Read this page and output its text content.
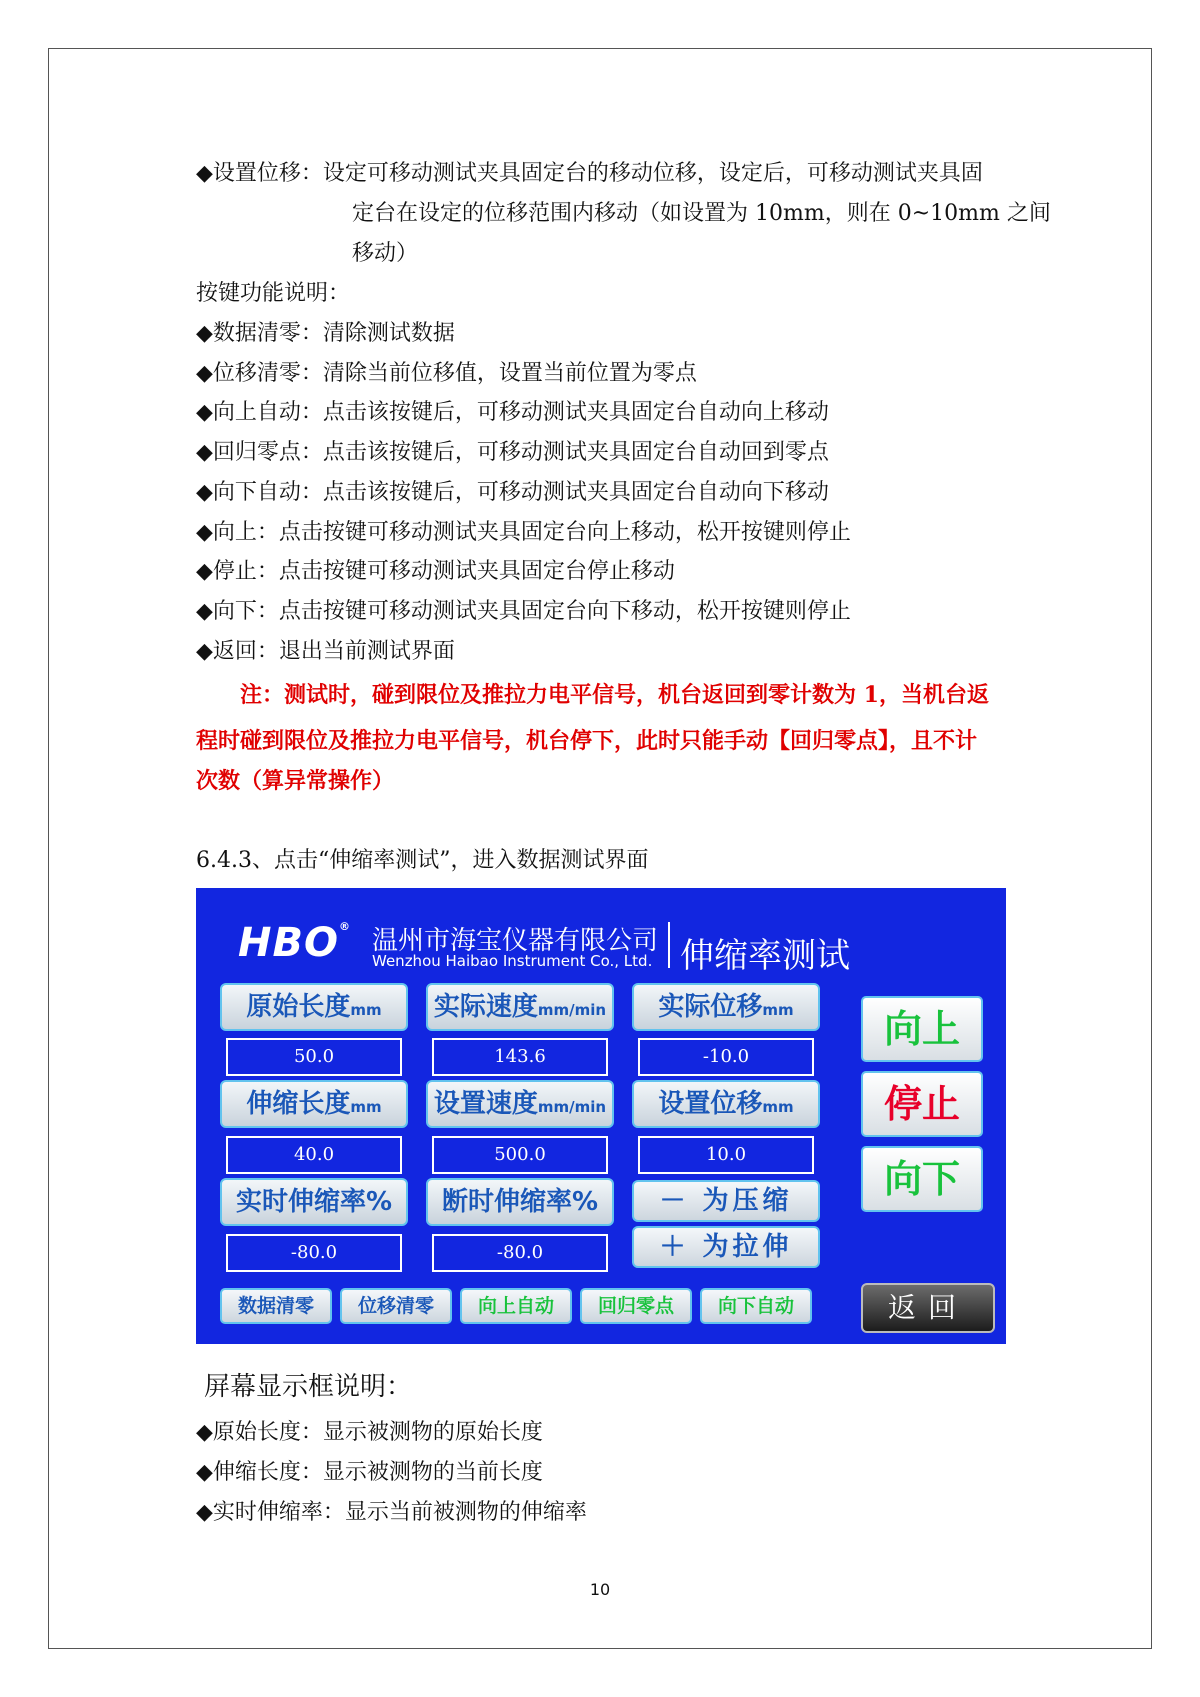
◆设置位移：设定可移动测试夹具固定台的移动位移，设定后，可移动测试夹具固
定台在设定的位移范围内移动（如设置为 10mm，则在 0~10mm 之间
移动）
按键功能说明：
◆数据清零：清除测试数据
◆位移清零：清除当前位移值，设置当前位置为零点
◆向上自动：点击该按键后，可移动测试夹具固定台自动向上移动
◆回归零点：点击该按键后，可移动测试夹具固定台自动回到零点
◆向下自动：点击该按键后，可移动测试夹具固定台自动向下移动
◆向上：点击按键可移动测试夹具固定台向上移动，松开按键则停止
◆停止：点击按键可移动测试夹具固定台停止移动
◆向下：点击按键可移动测试夹具固定台向下移动，松开按键则停止
◆返回：退出当前测试界面
注：测试时，碰到限位及推拉力电平信号，机台返回到零计数为 1，当机台返
程时碰到限位及推拉力电平信号，机台停下，此时只能手动【回归零点】，且不计
次数（算异常操作）
6.4.3、点击“伸缩率测试”，进入数据测试界面
HBO® 温州市海宝仪器有限公司
Wenzhou Haibao Instrument Co., Ltd. 伸缩率测试
原始长度mm	实际速度mm/min	实际位移mm
50.0	143.6	-10.0
伸缩长度mm	设置速度mm/min	设置位移mm
40.0	500.0	10.0
实时伸缩率%	断时伸缩率%	－ 为压缩
-80.0	-80.0	＋ 为拉伸
向上
停止
向下
数据清零	位移清零	向上自动	回归零点	向下自动	返回
屏幕显示框说明：
◆原始长度：显示被测物的原始长度
◆伸缩长度：显示被测物的当前长度
◆实时伸缩率：显示当前被测物的伸缩率
10
